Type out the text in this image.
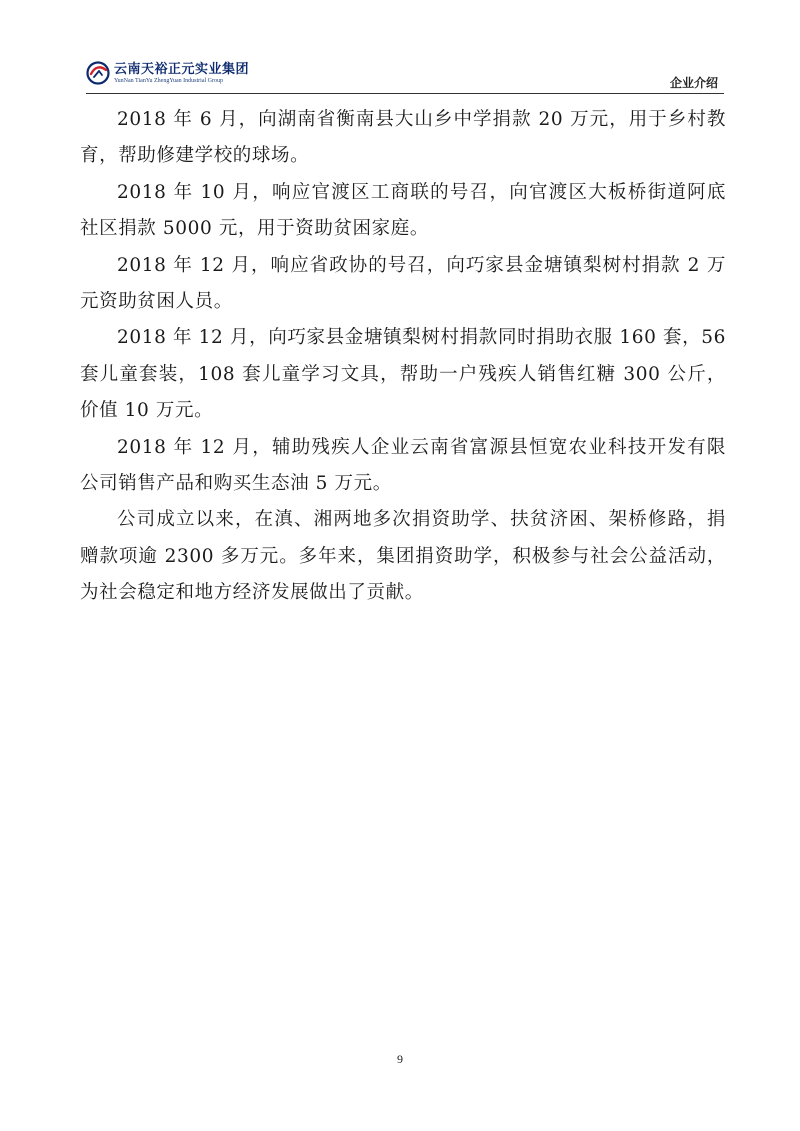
云南天裕正元实业集团
YunNan TianYu ZhengYuan Industrial Group	企业介绍

2018 年 6 月，向湖南省衡南县大山乡中学捐款 20 万元，用于乡村教育，帮助修建学校的球场。

2018 年 10 月，响应官渡区工商联的号召，向官渡区大板桥街道阿底社区捐款 5000 元，用于资助贫困家庭。

2018 年 12 月，响应省政协的号召，向巧家县金塘镇梨树村捐款 2 万元资助贫困人员。

2018 年 12 月，向巧家县金塘镇梨树村捐款同时捐助衣服 160 套，56 套儿童套装，108 套儿童学习文具，帮助一户残疾人销售红糖 300 公斤，价值 10 万元。

2018 年 12 月，辅助残疾人企业云南省富源县恒宽农业科技开发有限公司销售产品和购买生态油 5 万元。

公司成立以来，在滇、湘两地多次捐资助学、扶贫济困、架桥修路，捐赠款项逾 2300 多万元。多年来，集团捐资助学，积极参与社会公益活动，为社会稳定和地方经济发展做出了贡献。

9
